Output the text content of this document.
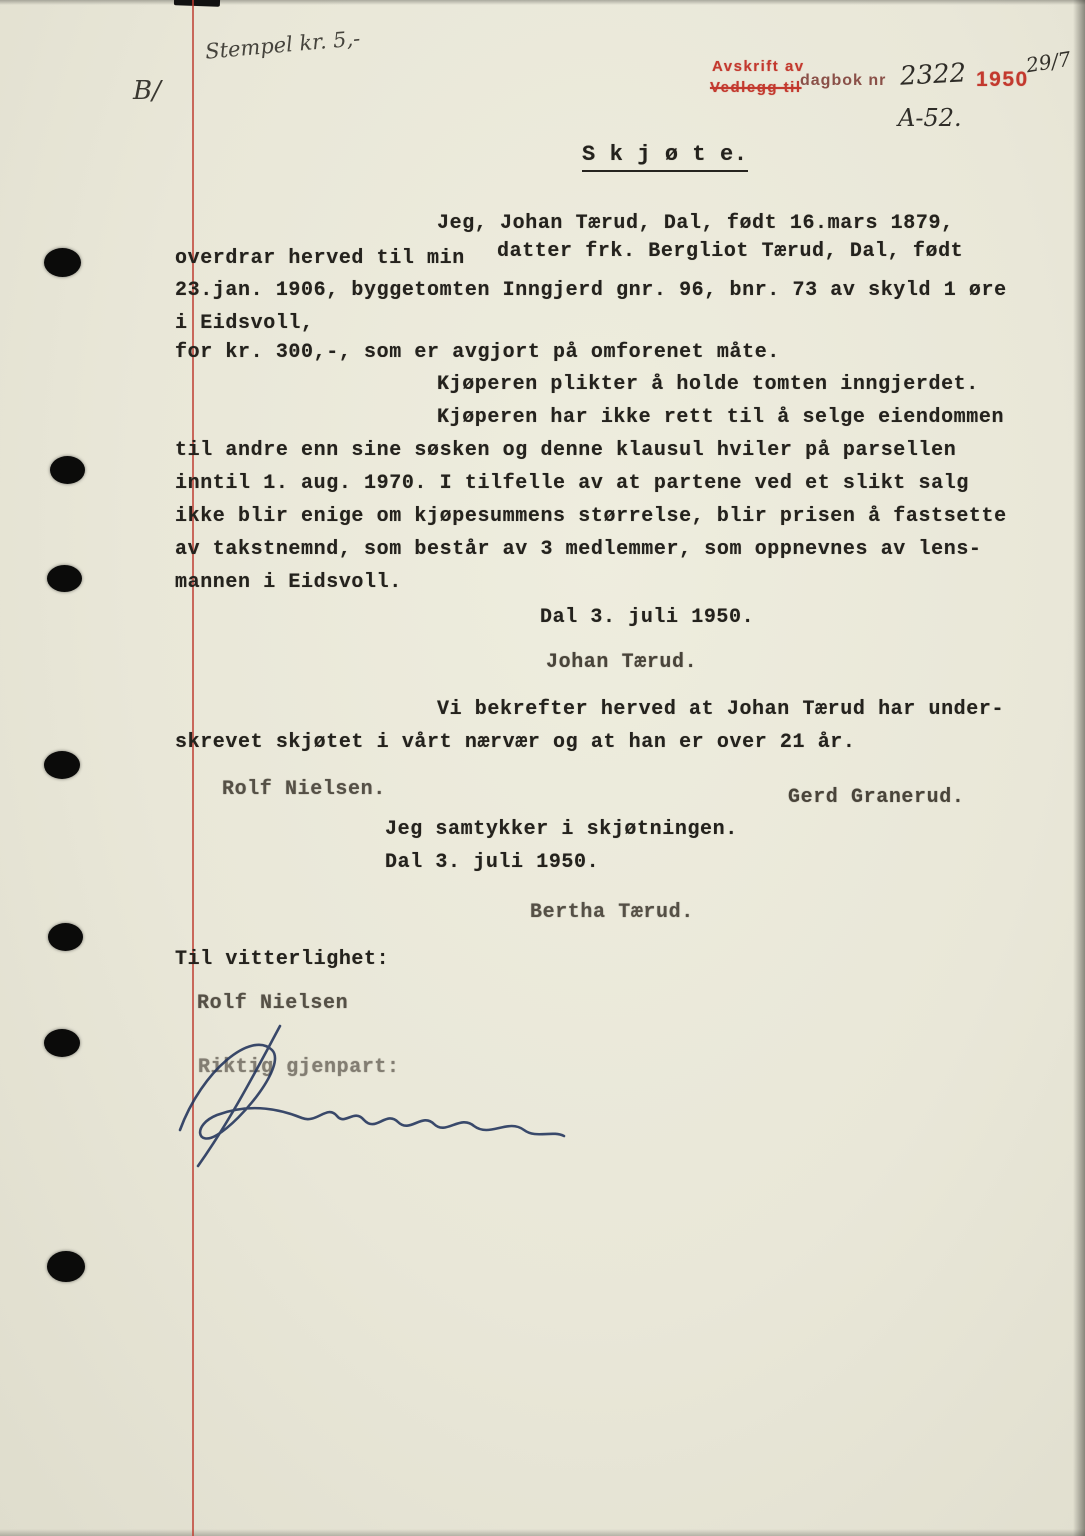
Stempel kr. 5,-
B/
Avskrift av
Vedlegg til
dagbok nr 2322 1950
29/7
A-52.
S k j ø t e.
Jeg, Johan Tærud, Dal, født 16.mars 1879,
overdrar herved til min datter frk. Bergliot Tærud, Dal, født
23.jan. 1906, byggetomten Inngjerd gnr. 96, bnr. 73 av skyld 1 øre
i Eidsvoll,
for kr. 300,-, som er avgjort på omforenet måte.
Kjøperen plikter å holde tomten inngjerdet.
Kjøperen har ikke rett til å selge eiendommen
til andre enn sine søsken og denne klausul hviler på parsellen
inntil 1. aug. 1970. I tilfelle av at partene ved et slikt salg
ikke blir enige om kjøpesummens størrelse, blir prisen å fastsette
av takstnemnd, som består av 3 medlemmer, som oppnevnes av lens-
mannen i Eidsvoll.
Dal 3. juli 1950.
Johan Tærud.
Vi bekrefter herved at Johan Tærud har under-
skrevet skjøtet i vårt nærvær og at han er over 21 år.
Rolf Nielsen.	Gerd Granerud.
Jeg samtykker i skjøtningen.
Dal 3. juli 1950.
Bertha Tærud.
Til vitterlighet:
Rolf Nielsen
Riktig gjenpart:
